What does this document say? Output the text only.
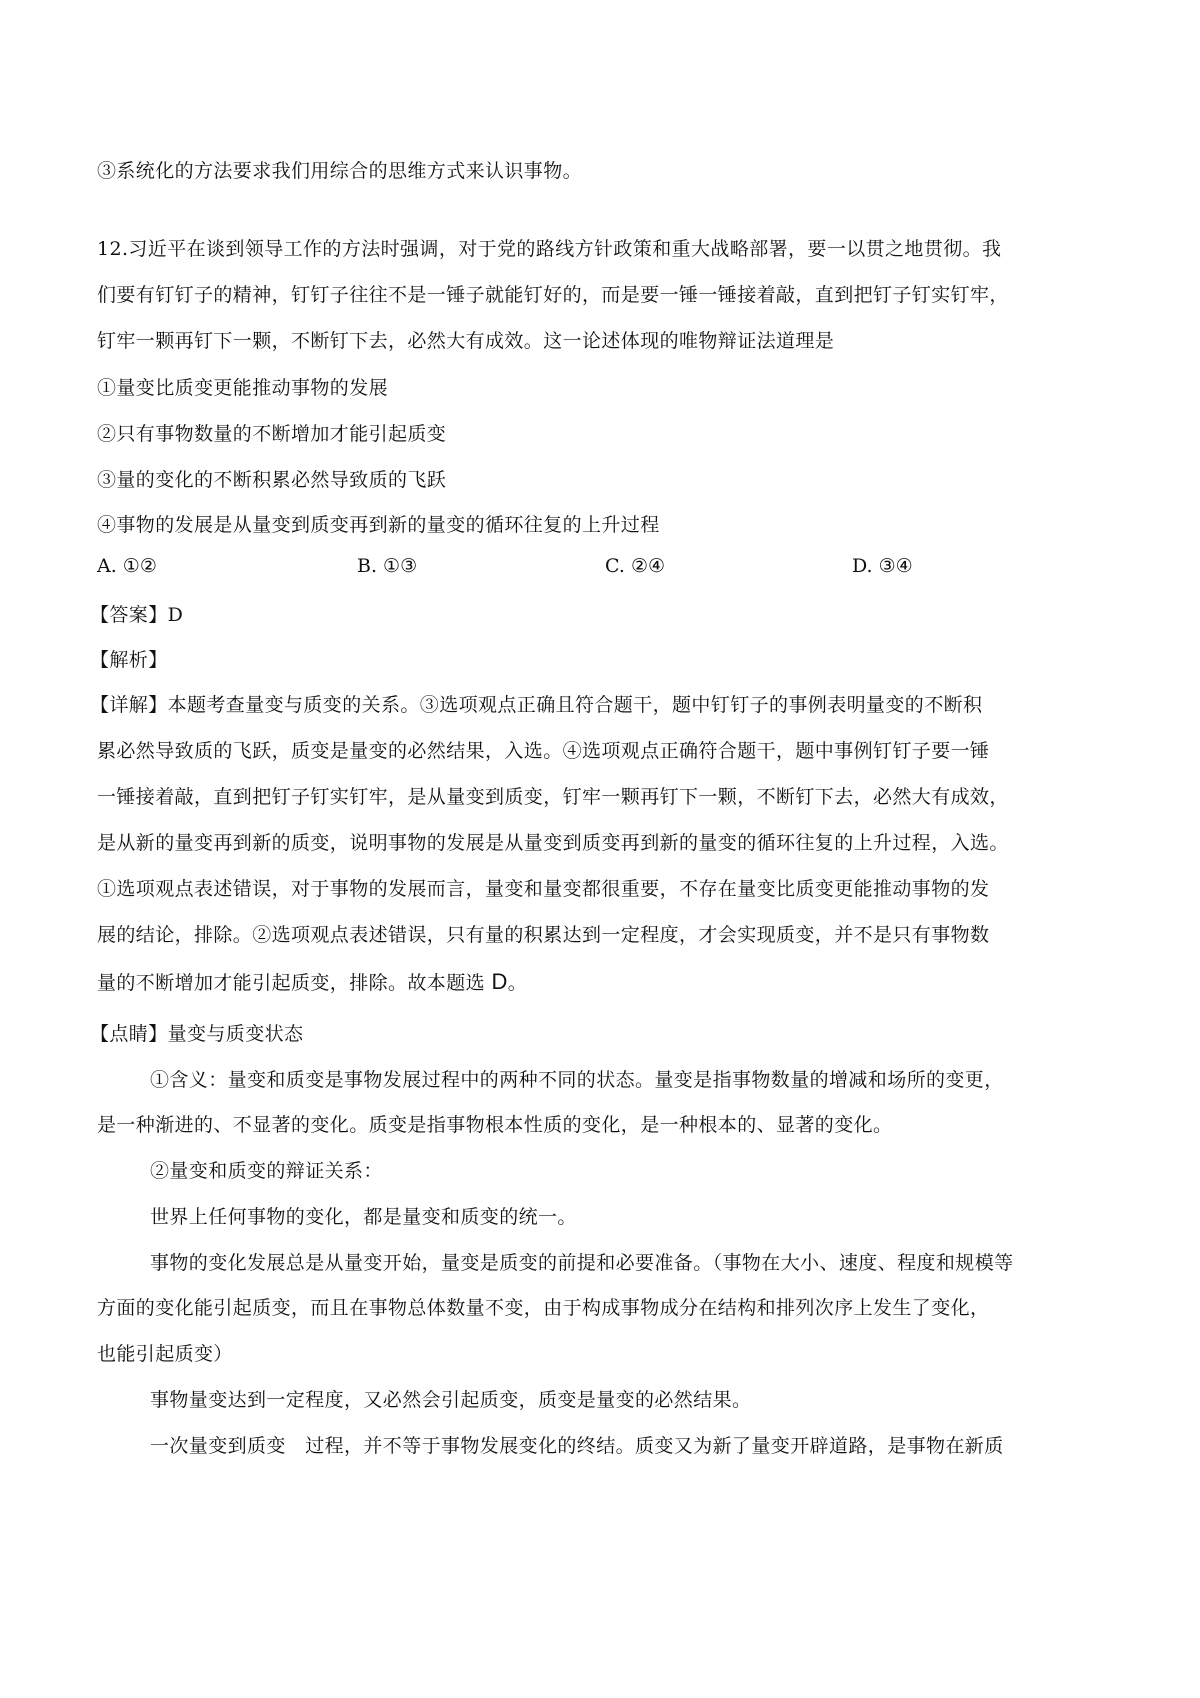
③系统化的方法要求我们用综合的思维方式来认识事物。
12.习近平在谈到领导工作的方法时强调，对于党的路线方针政策和重大战略部署，要一以贯之地贯彻。我
们要有钉钉子的精神，钉钉子往往不是一锤子就能钉好的，而是要一锤一锤接着敲，直到把钉子钉实钉牢，
钉牢一颗再钉下一颗，不断钉下去，必然大有成效。这一论述体现的唯物辩证法道理是
①量变比质变更能推动事物的发展
②只有事物数量的不断增加才能引起质变
③量的变化的不断积累必然导致质的飞跃
④事物的发展是从量变到质变再到新的量变的循环往复的上升过程
A. ①②	B. ①③	C. ②④	D. ③④
【答案】D
【解析】
【详解】本题考查量变与质变的关系。③选项观点正确且符合题干，题中钉钉子的事例表明量变的不断积
累必然导致质的飞跃，质变是量变的必然结果，入选。④选项观点正确符合题干，题中事例钉钉子要一锤
一锤接着敲，直到把钉子钉实钉牢，是从量变到质变，钉牢一颗再钉下一颗，不断钉下去，必然大有成效，
是从新的量变再到新的质变，说明事物的发展是从量变到质变再到新的量变的循环往复的上升过程，入选。
①选项观点表述错误，对于事物的发展而言，量变和量变都很重要，不存在量变比质变更能推动事物的发
展的结论，排除。②选项观点表述错误，只有量的积累达到一定程度，才会实现质变，并不是只有事物数
量的不断增加才能引起质变，排除。故本题选 D。
【点睛】量变与质变状态
①含义：量变和质变是事物发展过程中的两种不同的状态。量变是指事物数量的增减和场所的变更，
是一种渐进的、不显著的变化。质变是指事物根本性质的变化，是一种根本的、显著的变化。
②量变和质变的辩证关系：
世界上任何事物的变化，都是量变和质变的统一。
事物的变化发展总是从量变开始，量变是质变的前提和必要准备。（事物在大小、速度、程度和规模等
方面的变化能引起质变，而且在事物总体数量不变，由于构成事物成分在结构和排列次序上发生了变化，
也能引起质变）
事物量变达到一定程度，又必然会引起质变，质变是量变的必然结果。
一次量变到质变　过程，并不等于事物发展变化的终结。质变又为新了量变开辟道路，是事物在新质
